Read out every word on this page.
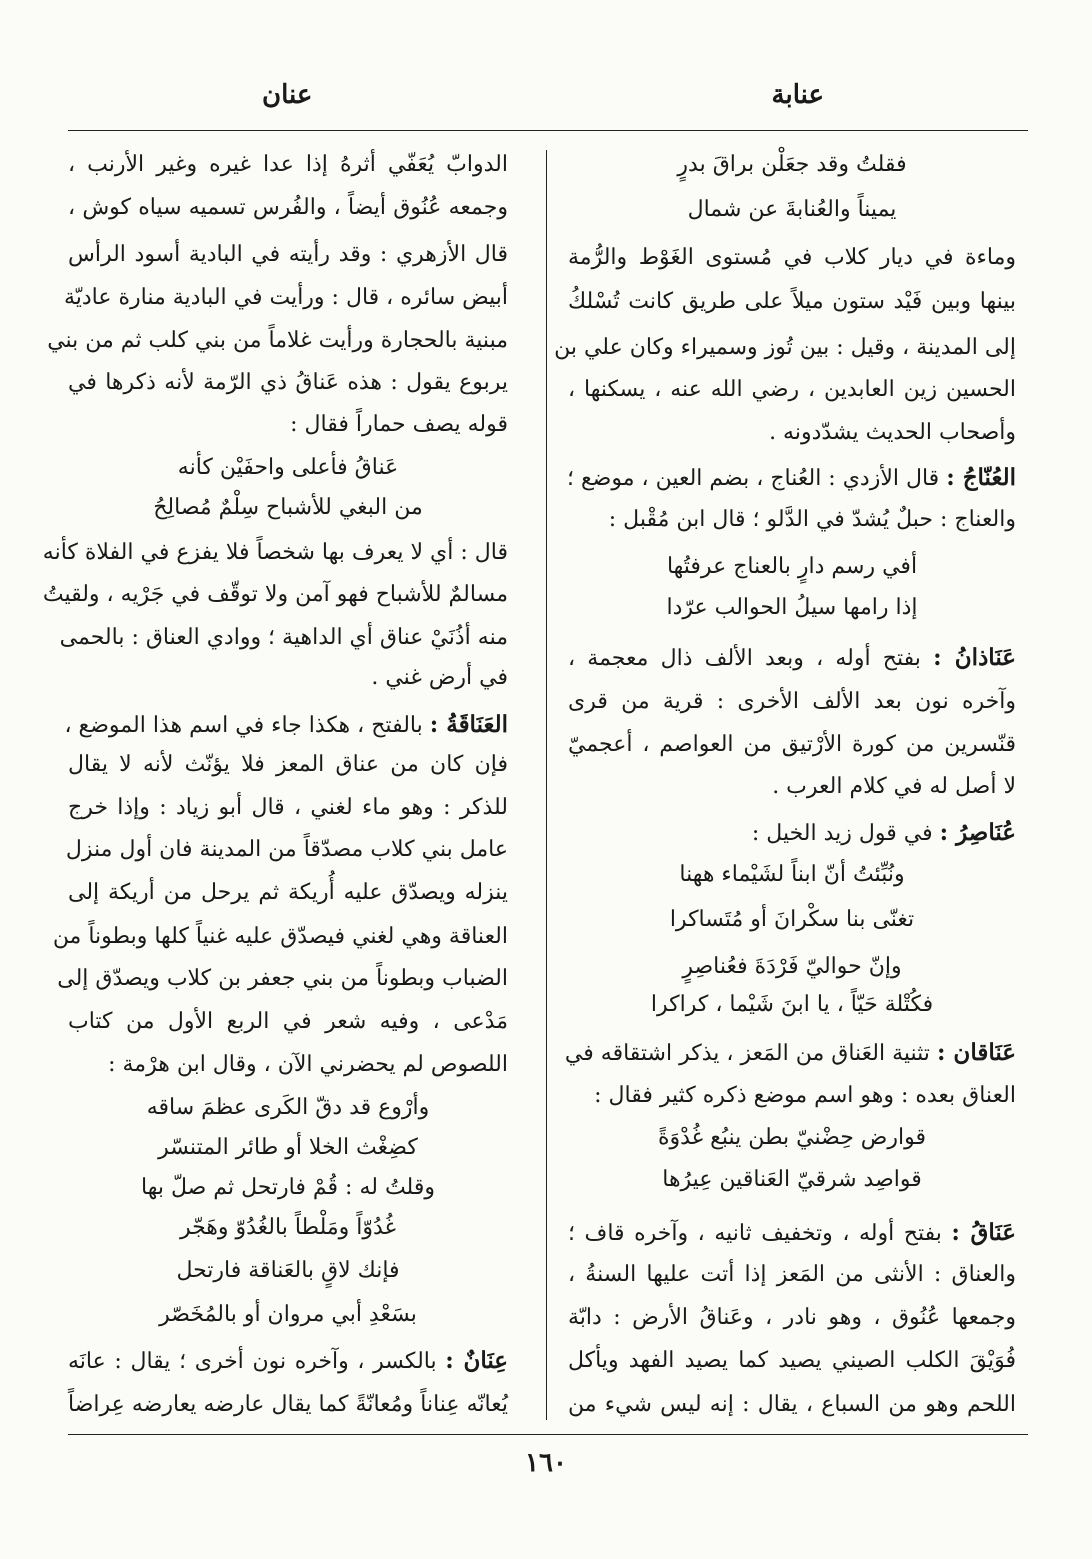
عنابة
عنان
فقلتُ وقد جعَلْن براقَ بدرٍ
يميناً والعُنابةَ عن شمال
وماءة في ديار كلاب في مُستوى الغَوْط والرُّمة
بينها وبين فَيْد ستون ميلاً على طريق كانت تُسْلكُ
إلى المدينة ، وقيل : بين تُوز وسميراء وكان علي بن
الحسين زين العابدين ، رضي الله عنه ، يسكنها ،
وأصحاب الحديث يشدّدونه .
العُنّاجُ : قال الأزدي : العُناج ، بضم العين ، موضع ؛
والعناج : حبلٌ يُشدّ في الدَّلو ؛ قال ابن مُقْبل :
أفي رسم دارٍ بالعناج عرفتُها
إذا رامها سيلُ الحوالب عرّدا
عَنَاذانُ : بفتح أوله ، وبعد الألف ذال معجمة ،
وآخره نون بعد الألف الأخرى : قرية من قرى
قنّسرين من كورة الأرْتيق من العواصم ، أعجميّ
لا أصل له في كلام العرب .
عُنَاصِرُ : في قول زيد الخيل :
ونُبِّئتُ أنّ ابناً لشَيْماء ههنا
تغنّى بنا سكْرانَ أو مُتَساكرا
وإنّ حواليّ فَرْدَةَ فعُناصِرٍ
فكُتْلة حَيّاً ، يا ابنَ شَيْما ، كراكرا
عَنَاقان : تثنية العَناق من المَعز ، يذكر اشتقاقه في
العناق بعده : وهو اسم موضع ذكره كثير فقال :
قوارض حِضْنيّ بطن ينبُع غُدْوَةً
قواصِد شرقيّ العَناقين عِيرُها
عَنَاقُ : بفتح أوله ، وتخفيف ثانيه ، وآخره قاف ؛
والعناق : الأنثى من المَعز إذا أتت عليها السنةُ ،
وجمعها عُنُوق ، وهو نادر ، وعَناقُ الأرض : دابّة
فُوَيْقَ الكلب الصيني يصيد كما يصيد الفهد ويأكل
اللحم وهو من السباع ، يقال : إنه ليس شيء من
الدوابّ يُعَفّي أثرهُ إذا عدا غيره وغير الأرنب ،
وجمعه عُنُوق أيضاً ، والفُرس تسميه سياه كوش ،
قال الأزهري : وقد رأيته في البادية أسود الرأس
أبيض سائره ، قال : ورأيت في البادية منارة عاديّة
مبنية بالحجارة ورأيت غلاماً من بني كلب ثم من بني
يربوع يقول : هذه عَناقُ ذي الرّمة لأنه ذكرها في
قوله يصف حماراً فقال :
عَناقُ فأعلى واحفَيْن كأنه
من البغي للأشباح سِلْمٌ مُصالِحُ
قال : أي لا يعرف بها شخصاً فلا يفزع في الفلاة كأنه
مسالمٌ للأشباح فهو آمن ولا توقّف في جَرْيه ، ولقيتُ
منه أذُنَيْ عناق أي الداهية ؛ ووادي العناق : بالحمى
في أرض غني .
العَنَاقَةُ : بالفتح ، هكذا جاء في اسم هذا الموضع ،
فإن كان من عناق المعز فلا يؤنّث لأنه لا يقال
للذكر : وهو ماء لغني ، قال أبو زياد : وإذا خرج
عامل بني كلاب مصدّقاً من المدينة فان أول منزل
ينزله ويصدّق عليه أُريكة ثم يرحل من أريكة إلى
العناقة وهي لغني فيصدّق عليه غنياً كلها وبطوناً من
الضباب وبطوناً من بني جعفر بن كلاب ويصدّق إلى
مَدْعى ، وفيه شعر في الربع الأول من كتاب
اللصوص لم يحضرني الآن ، وقال ابن هرْمة :
وأرْوع قد دقّ الكَرى عظمَ ساقه
كضِغْث الخلا أو طائر المتنسّر
وقلتُ له : قُمْ فارتحل ثم صلّ بها
غُدُوّاً ومَلْطاً بالغُدُوّ وهَجّر
فإنك لاقٍ بالعَناقة فارتحل
بسَعْدِ أبي مروان أو بالمُخَصّر
عِنَانٌ : بالكسر ، وآخره نون أخرى ؛ يقال : عانَه
يُعانّه عِناناً ومُعانّةً كما يقال عارضه يعارضه عِراضاً
١٦٠
